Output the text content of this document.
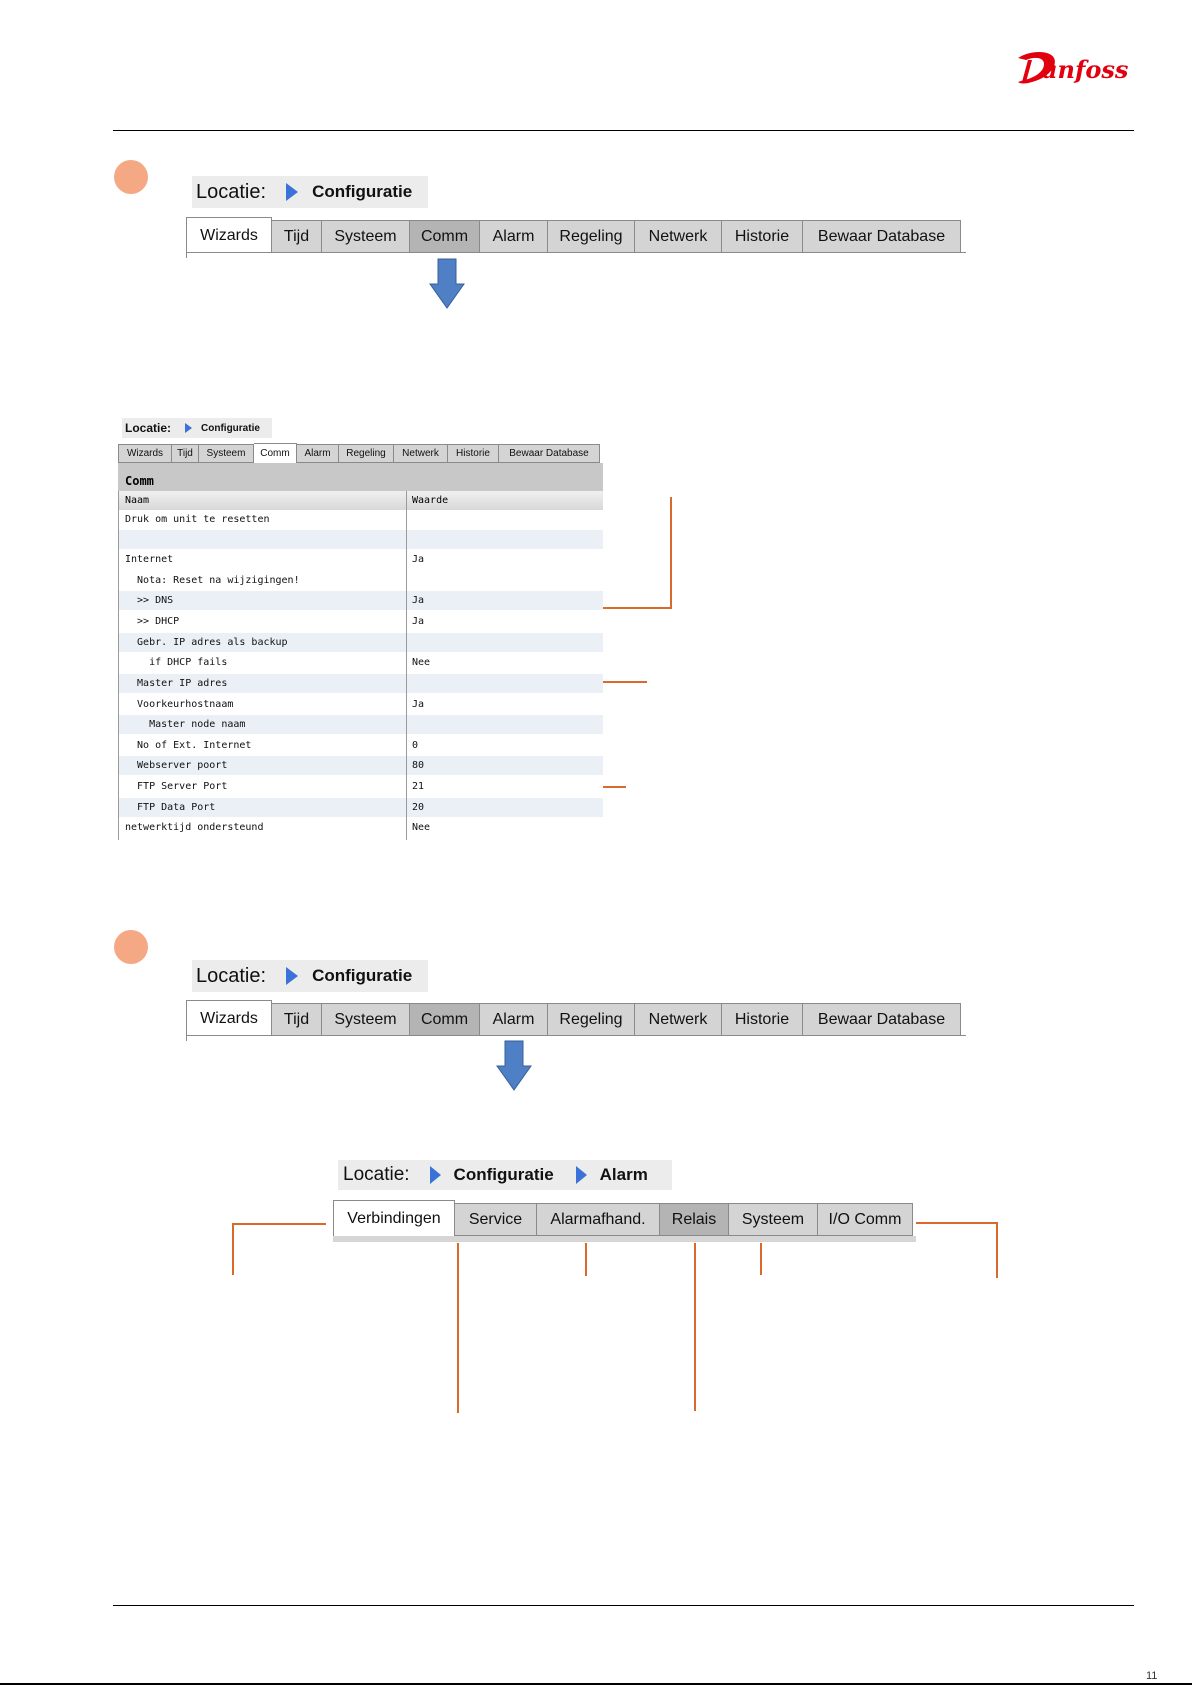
anfoss
Locatie:	Configuratie
Wizards	Tijd	Systeem	Comm	Alarm	Regeling	Netwerk	Historie	Bewaar Database
Locatie:	Configuratie
Wizards	Tijd	Systeem	Comm	Alarm	Regeling	Netwerk	Historie	Bewaar Database
Comm
Naam	Waarde
Druk om unit te resetten
Internet	Ja
Nota: Reset na wijzigingen!
>> DNS	Ja
>> DHCP	Ja
Gebr. IP adres als backup
if DHCP fails	Nee
Master IP adres
Voorkeurhostnaam	Ja
Master node naam
No of Ext. Internet	0
Webserver poort	80
FTP Server Port	21
FTP Data Port	20
netwerktijd ondersteund	Nee
Locatie:	Configuratie
Wizards	Tijd	Systeem	Comm	Alarm	Regeling	Netwerk	Historie	Bewaar Database
Locatie:	Configuratie	Alarm
Verbindingen	Service	Alarmafhand.	Relais	Systeem	I/O Comm
11
